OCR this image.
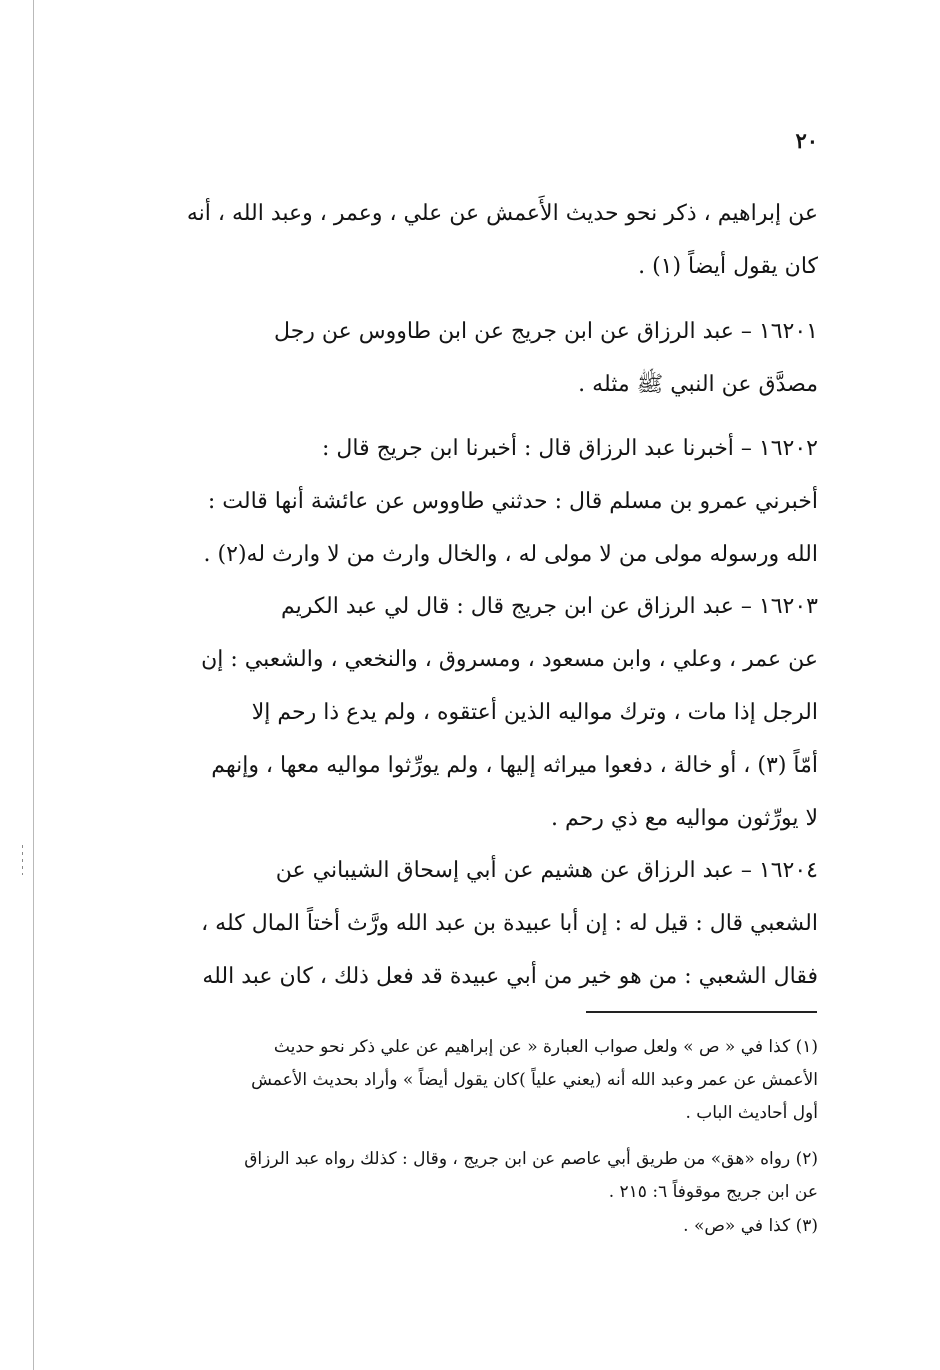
٢٠
عن إبراهيم ، ذكر نحو حديث الأَعمش عن علي ، وعمر ، وعبد الله ، أنه
كان يقول أيضاً (١) .
١٦٢٠١ – عبد الرزاق عن ابن جريج عن ابن طاووس عن رجل
مصدَّق عن النبي ﷺ مثله .
١٦٢٠٢ – أخبرنا عبد الرزاق قال : أخبرنا ابن جريج قال :
أخبرني عمرو بن مسلم قال : حدثني طاووس عن عائشة أنها قالت :
الله ورسوله مولى من لا مولى له ، والخال وارث من لا وارث له(٢) .
١٦٢٠٣ – عبد الرزاق عن ابن جريج قال : قال لي عبد الكريم
عن عمر ، وعلي ، وابن مسعود ، ومسروق ، والنخعي ، والشعبي : إن
الرجل إذا مات ، وترك مواليه الذين أعتقوه ، ولم يدع ذا رحم إلا
أمّاً (٣) ، أو خالة ، دفعوا ميراثه إليها ، ولم يورِّثوا مواليه معها ، وإنهم
لا يورِّثون مواليه مع ذي رحم .
١٦٢٠٤ – عبد الرزاق عن هشيم عن أبي إسحاق الشيباني عن
الشعبي قال : قيل له : إن أبا عبيدة بن عبد الله ورَّث أختاً المال كله ،
فقال الشعبي : من هو خير من أبي عبيدة قد فعل ذلك ، كان عبد الله
(١) كذا في « ص » ولعل صواب العبارة « عن إبراهيم عن علي ذكر نحو حديث
الأعمش عن عمر وعبد الله أنه (يعني علياً )كان يقول أيضاً » وأراد بحديث الأعمش
أول أحاديث الباب .
(٢) رواه «هق» من طريق أبي عاصم عن ابن جريج ، وقال : كذلك رواه عبد الرزاق
عن ابن جريج موقوفاً ٦: ٢١٥ .
(٣) كذا في «ص» .
